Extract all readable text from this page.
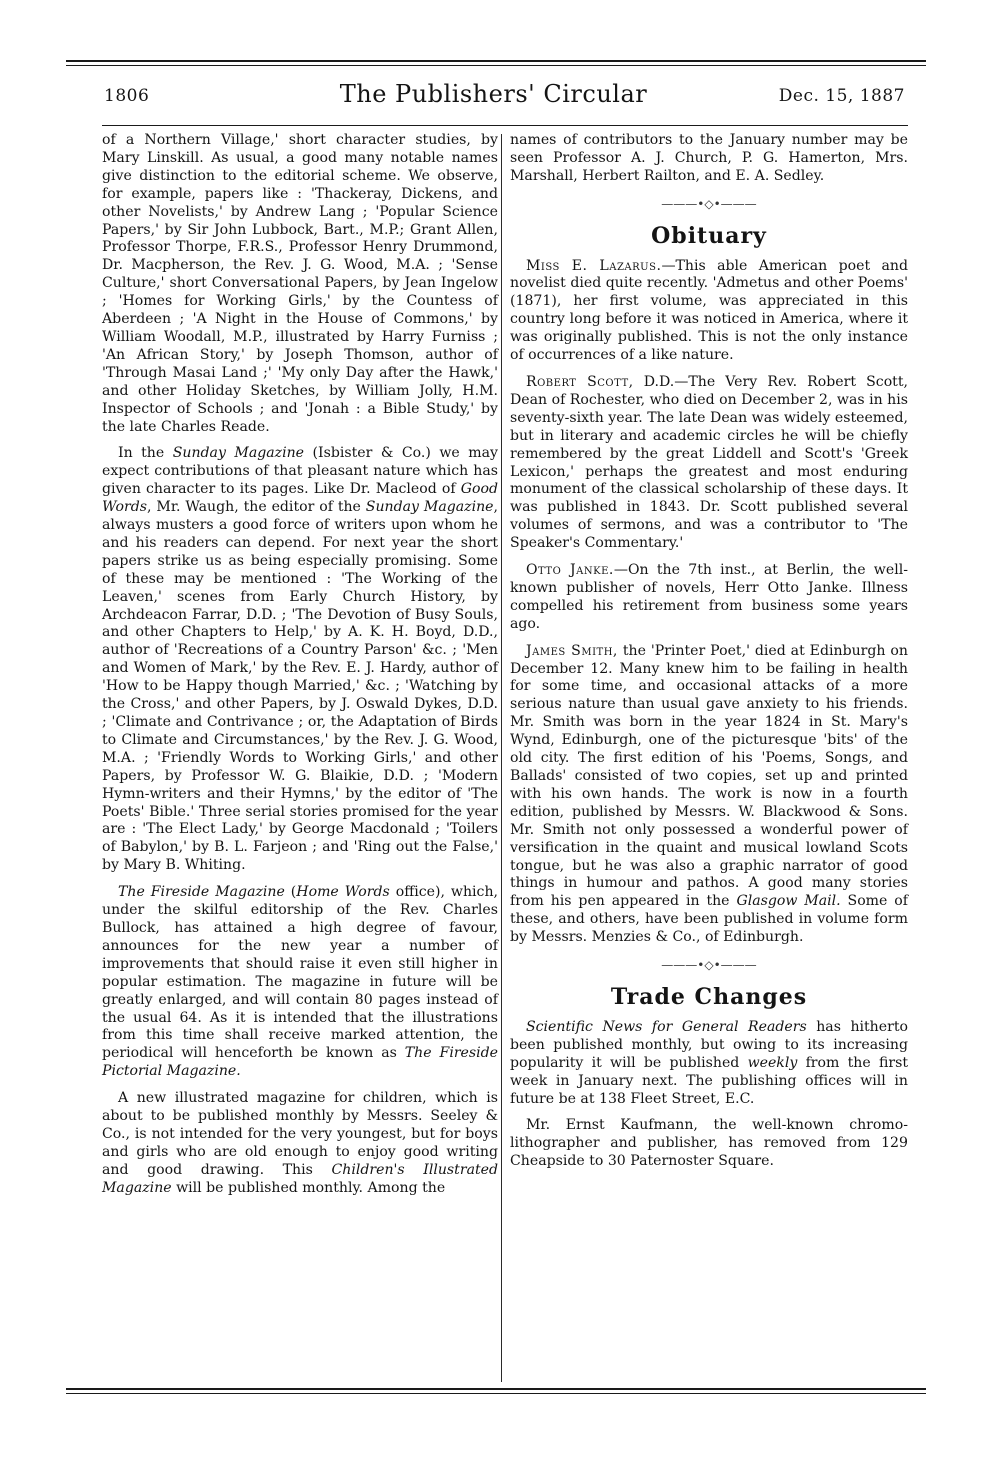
1806	The Publishers' Circular	Dec. 15, 1887

of a Northern Village,' short character studies, by Mary Linskill. As usual, a good many notable names give distinction to the editorial scheme. We observe, for example, papers like : 'Thackeray, Dickens, and other Novelists,' by Andrew Lang ; 'Popular Science Papers,' by Sir John Lubbock, Bart., M.P.; Grant Allen, Professor Thorpe, F.R.S., Professor Henry Drummond, Dr. Macpherson, the Rev. J. G. Wood, M.A. ; 'Sense Culture,' short Conversational Papers, by Jean Ingelow ; 'Homes for Working Girls,' by the Countess of Aberdeen ; 'A Night in the House of Commons,' by William Woodall, M.P., illustrated by Harry Furniss ; 'An African Story,' by Joseph Thomson, author of 'Through Masai Land ;' 'My only Day after the Hawk,' and other Holiday Sketches, by William Jolly, H.M. Inspector of Schools ; and 'Jonah : a Bible Study,' by the late Charles Reade.

In the Sunday Magazine (Isbister & Co.) we may expect contributions of that pleasant nature which has given character to its pages. Like Dr. Macleod of Good Words, Mr. Waugh, the editor of the Sunday Magazine, always musters a good force of writers upon whom he and his readers can depend. For next year the short papers strike us as being especially promising. Some of these may be mentioned : 'The Working of the Leaven,' scenes from Early Church History, by Archdeacon Farrar, D.D. ; 'The Devotion of Busy Souls, and other Chapters to Help,' by A. K. H. Boyd, D.D., author of 'Recreations of a Country Parson' &c. ; 'Men and Women of Mark,' by the Rev. E. J. Hardy, author of 'How to be Happy though Married,' &c. ; 'Watching by the Cross,' and other Papers, by J. Oswald Dykes, D.D. ; 'Climate and Contrivance ; or, the Adaptation of Birds to Climate and Circumstances,' by the Rev. J. G. Wood, M.A. ; 'Friendly Words to Working Girls,' and other Papers, by Professor W. G. Blaikie, D.D. ; 'Modern Hymn-writers and their Hymns,' by the editor of 'The Poets' Bible.' Three serial stories promised for the year are : 'The Elect Lady,' by George Macdonald ; 'Toilers of Babylon,' by B. L. Farjeon ; and 'Ring out the False,' by Mary B. Whiting.

The Fireside Magazine (Home Words office), which, under the skilful editorship of the Rev. Charles Bullock, has attained a high degree of favour, announces for the new year a number of improvements that should raise it even still higher in popular estimation. The magazine in future will be greatly enlarged, and will contain 80 pages instead of the usual 64. As it is intended that the illustrations from this time shall receive marked attention, the periodical will henceforth be known as The Fireside Pictorial Magazine.

A new illustrated magazine for children, which is about to be published monthly by Messrs. Seeley & Co., is not intended for the very youngest, but for boys and girls who are old enough to enjoy good writing and good drawing. This Children's Illustrated Magazine will be published monthly. Among the

names of contributors to the January number may be seen Professor A. J. Church, P. G. Hamerton, Mrs. Marshall, Herbert Railton, and E. A. Sedley.

———•◇•———
Obituary

Miss E. Lazarus.—This able American poet and novelist died quite recently. 'Admetus and other Poems' (1871), her first volume, was appreciated in this country long before it was noticed in America, where it was originally published. This is not the only instance of occurrences of a like nature.

Robert Scott, D.D.—The Very Rev. Robert Scott, Dean of Rochester, who died on December 2, was in his seventy-sixth year. The late Dean was widely esteemed, but in literary and academic circles he will be chiefly remembered by the great Liddell and Scott's 'Greek Lexicon,' perhaps the greatest and most enduring monument of the classical scholarship of these days. It was published in 1843. Dr. Scott published several volumes of sermons, and was a contributor to 'The Speaker's Commentary.'

Otto Janke.—On the 7th inst., at Berlin, the well-known publisher of novels, Herr Otto Janke. Illness compelled his retirement from business some years ago.

James Smith, the 'Printer Poet,' died at Edinburgh on December 12. Many knew him to be failing in health for some time, and occasional attacks of a more serious nature than usual gave anxiety to his friends. Mr. Smith was born in the year 1824 in St. Mary's Wynd, Edinburgh, one of the picturesque 'bits' of the old city. The first edition of his 'Poems, Songs, and Ballads' consisted of two copies, set up and printed with his own hands. The work is now in a fourth edition, published by Messrs. W. Blackwood & Sons. Mr. Smith not only possessed a wonderful power of versification in the quaint and musical lowland Scots tongue, but he was also a graphic narrator of good things in humour and pathos. A good many stories from his pen appeared in the Glasgow Mail. Some of these, and others, have been published in volume form by Messrs. Menzies & Co., of Edinburgh.

———•◇•———
Trade Changes

Scientific News for General Readers has hitherto been published monthly, but owing to its increasing popularity it will be published weekly from the first week in January next. The publishing offices will in future be at 138 Fleet Street, E.C.

Mr. Ernst Kaufmann, the well-known chromo-lithographer and publisher, has removed from 129 Cheapside to 30 Paternoster Square.
